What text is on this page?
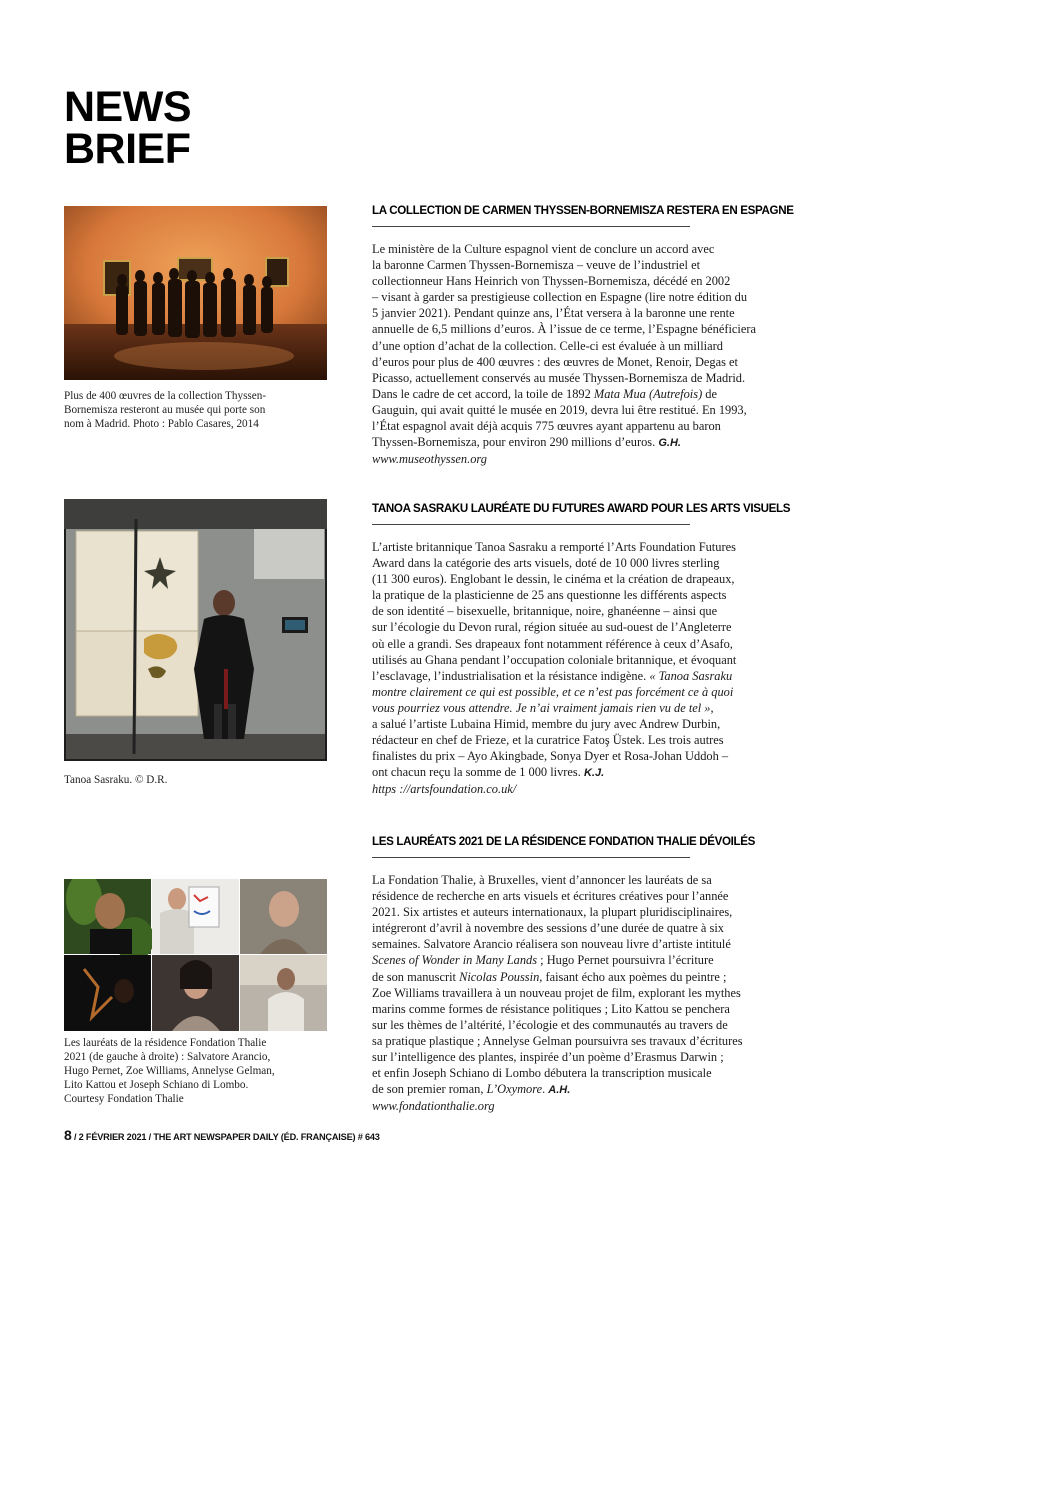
NEWS
BRIEF

Plus de 400 œuvres de la collection Thyssen-
Bornemisza resteront au musée qui porte son
nom à Madrid. Photo : Pablo Casares, 2014

LA COLLECTION DE CARMEN THYSSEN-BORNEMISZA RESTERA EN ESPAGNE

Le ministère de la Culture espagnol vient de conclure un accord avec
la baronne Carmen Thyssen-Bornemisza – veuve de l’industriel et
collectionneur Hans Heinrich von Thyssen-Bornemisza, décédé en 2002
– visant à garder sa prestigieuse collection en Espagne (lire notre édition du
5 janvier 2021). Pendant quinze ans, l’État versera à la baronne une rente
annuelle de 6,5 millions d’euros. À l’issue de ce terme, l’Espagne bénéficiera
d’une option d’achat de la collection. Celle-ci est évaluée à un milliard
d’euros pour plus de 400 œuvres : des œuvres de Monet, Renoir, Degas et
Picasso, actuellement conservés au musée Thyssen-Bornemisza de Madrid.
Dans le cadre de cet accord, la toile de 1892 Mata Mua (Autrefois) de
Gauguin, qui avait quitté le musée en 2019, devra lui être restitué. En 1993,
l’État espagnol avait déjà acquis 775 œuvres ayant appartenu au baron
Thyssen-Bornemisza, pour environ 290 millions d’euros. G.H.
www.museothyssen.org

Tanoa Sasraku. © D.R.

TANOA SASRAKU LAURÉATE DU FUTURES AWARD POUR LES ARTS VISUELS

L’artiste britannique Tanoa Sasraku a remporté l’Arts Foundation Futures
Award dans la catégorie des arts visuels, doté de 10 000 livres sterling
(11 300 euros). Englobant le dessin, le cinéma et la création de drapeaux,
la pratique de la plasticienne de 25 ans questionne les différents aspects
de son identité – bisexuelle, britannique, noire, ghanéenne – ainsi que
sur l’écologie du Devon rural, région située au sud-ouest de l’Angleterre
où elle a grandi. Ses drapeaux font notamment référence à ceux d’Asafo,
utilisés au Ghana pendant l’occupation coloniale britannique, et évoquant
l’esclavage, l’industrialisation et la résistance indigène. « Tanoa Sasraku
montre clairement ce qui est possible, et ce n’est pas forcément ce à quoi
vous pourriez vous attendre. Je n’ai vraiment jamais rien vu de tel »,
a salué l’artiste Lubaina Himid, membre du jury avec Andrew Durbin,
rédacteur en chef de Frieze, et la curatrice Fatoş Üstek. Les trois autres
finalistes du prix – Ayo Akingbade, Sonya Dyer et Rosa-Johan Uddoh –
ont chacun reçu la somme de 1 000 livres. K.J.
https ://artsfoundation.co.uk/

Les lauréats de la résidence Fondation Thalie
2021 (de gauche à droite) : Salvatore Arancio,
Hugo Pernet, Zoe Williams, Annelyse Gelman,
Lito Kattou et Joseph Schiano di Lombo.
Courtesy Fondation Thalie

LES LAURÉATS 2021 DE LA RÉSIDENCE FONDATION THALIE DÉVOILÉS

La Fondation Thalie, à Bruxelles, vient d’annoncer les lauréats de sa
résidence de recherche en arts visuels et écritures créatives pour l’année
2021. Six artistes et auteurs internationaux, la plupart pluridisciplinaires,
intégreront d’avril à novembre des sessions d’une durée de quatre à six
semaines. Salvatore Arancio réalisera son nouveau livre d’artiste intitulé
Scenes of Wonder in Many Lands ; Hugo Pernet poursuivra l’écriture
de son manuscrit Nicolas Poussin, faisant écho aux poèmes du peintre ;
Zoe Williams travaillera à un nouveau projet de film, explorant les mythes
marins comme formes de résistance politiques ; Lito Kattou se penchera
sur les thèmes de l’altérité, l’écologie et des communautés au travers de
sa pratique plastique ; Annelyse Gelman poursuivra ses travaux d’écritures
sur l’intelligence des plantes, inspirée d’un poème d’Erasmus Darwin ;
et enfin Joseph Schiano di Lombo débutera la transcription musicale
de son premier roman, L’Oxymore. A.H.
www.fondationthalie.org

8 / 2 FÉVRIER 2021 / THE ART NEWSPAPER DAILY (ÉD. FRANÇAISE) # 643
